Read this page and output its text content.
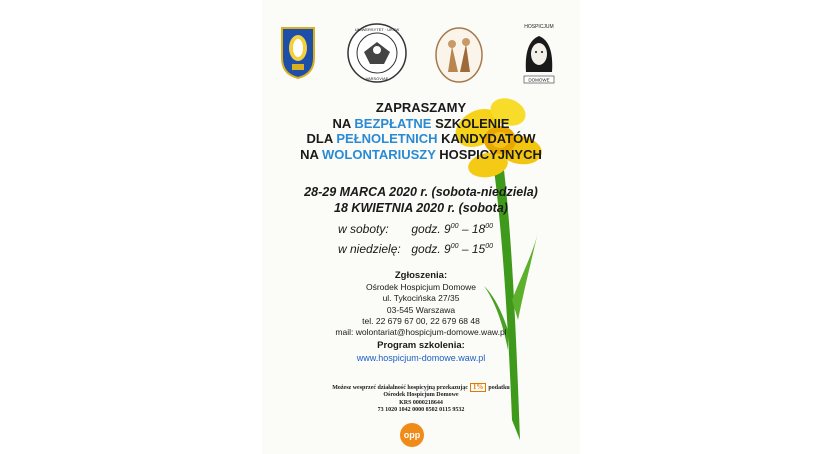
UNIWERSYTET · UKSW
VARSOVIAE
HOSPICJUM
DOMOWE
ZAPRASZAMY
NA BEZPŁATNE SZKOLENIE
DLA PEŁNOLETNICH KANDYDATÓW
NA WOLONTARIUSZY HOSPICYJNYCH
28-29 MARCA 2020 r. (sobota-niedziela)
18 KWIETNIA 2020 r. (sobota)
w soboty: godz. $9^{00} - 18^{00}$
w niedzielę: godz. $9^{00} - 15^{00}$
Zgłoszenia:
Ośrodek Hospicjum Domowe
ul. Tykocińska 27/35
03-545 Warszawa
tel. 22 679 67 00, 22 679 68 48
mail: wolontariat@hospicjum-domowe.waw.pl
Program szkolenia:
www.hospicjum-domowe.waw.pl
Możesz wesprzeć działalność hospicyjną przekazując 1% podatku
Ośrodek Hospicjum Domowe
KRS 0000218644
73 1020 1042 0000 8502 0115 9532
opp
